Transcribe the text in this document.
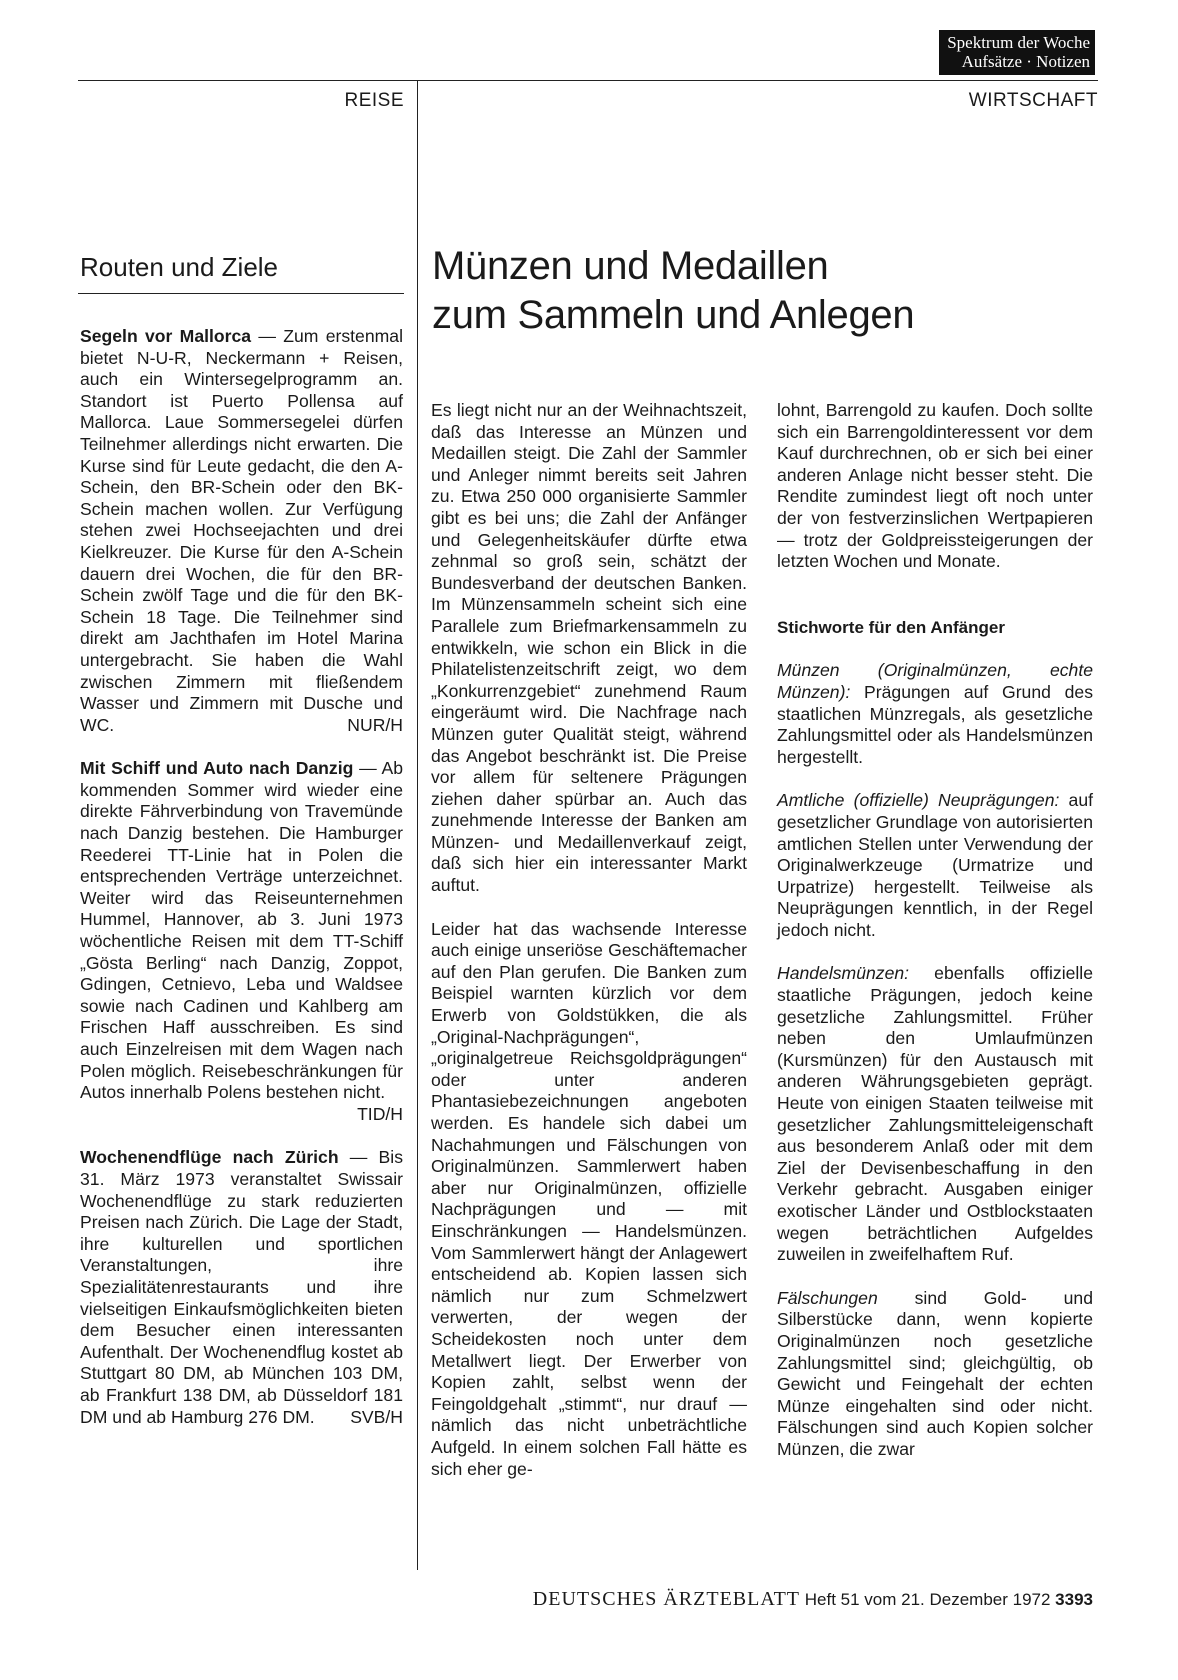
Spektrum der Woche
Aufsätze · Notizen
REISE	WIRTSCHAFT
Routen und Ziele

Segeln vor Mallorca — Zum erstenmal bietet N-U-R, Neckermann + Reisen, auch ein Wintersegelprogramm an. Standort ist Puerto Pollensa auf Mallorca. Laue Sommersegelei dürfen Teilnehmer allerdings nicht erwarten. Die Kurse sind für Leute gedacht, die den A-Schein, den BR-Schein oder den BK-Schein machen wollen. Zur Verfügung stehen zwei Hochseejachten und drei Kielkreuzer. Die Kurse für den A-Schein dauern drei Wochen, die für den BR-Schein zwölf Tage und die für den BK-Schein 18 Tage. Die Teilnehmer sind direkt am Jachthafen im Hotel Marina untergebracht. Sie haben die Wahl zwischen Zimmern mit fließendem Wasser und Zimmern mit Dusche und WC.	NUR/H

Mit Schiff und Auto nach Danzig — Ab kommenden Sommer wird wieder eine direkte Fährverbindung von Travemünde nach Danzig bestehen. Die Hamburger Reederei TT-Linie hat in Polen die entsprechenden Verträge unterzeichnet. Weiter wird das Reiseunternehmen Hummel, Hannover, ab 3. Juni 1973 wöchentliche Reisen mit dem TT-Schiff „Gösta Berling“ nach Danzig, Zoppot, Gdingen, Cetnievo, Leba und Waldsee sowie nach Cadinen und Kahlberg am Frischen Haff ausschreiben. Es sind auch Einzelreisen mit dem Wagen nach Polen möglich. Reisebeschränkungen für Autos innerhalb Polens bestehen nicht.
TID/H

Wochenendflüge nach Zürich — Bis 31. März 1973 veranstaltet Swissair Wochenendflüge zu stark reduzierten Preisen nach Zürich. Die Lage der Stadt, ihre kulturellen und sportlichen Veranstaltungen, ihre Spezialitätenrestaurants und ihre vielseitigen Einkaufsmöglichkeiten bieten dem Besucher einen interessanten Aufenthalt. Der Wochenendflug kostet ab Stuttgart 80 DM, ab München 103 DM, ab Frankfurt 138 DM, ab Düsseldorf 181 DM und ab Hamburg 276 DM. SVB/H

Münzen und Medaillen
zum Sammeln und Anlegen

Es liegt nicht nur an der Weihnachtszeit, daß das Interesse an Münzen und Medaillen steigt. Die Zahl der Sammler und Anleger nimmt bereits seit Jahren zu. Etwa 250 000 organisierte Sammler gibt es bei uns; die Zahl der Anfänger und Gelegenheitskäufer dürfte etwa zehnmal so groß sein, schätzt der Bundesverband der deutschen Banken. Im Münzensammeln scheint sich eine Parallele zum Briefmarkensammeln zu entwikkeln, wie schon ein Blick in die Philatelistenzeitschrift zeigt, wo dem „Konkurrenzgebiet“ zunehmend Raum eingeräumt wird. Die Nachfrage nach Münzen guter Qualität steigt, während das Angebot beschränkt ist. Die Preise vor allem für seltenere Prägungen ziehen daher spürbar an. Auch das zunehmende Interesse der Banken am Münzen- und Medaillenverkauf zeigt, daß sich hier ein interessanter Markt auftut.

Leider hat das wachsende Interesse auch einige unseriöse Geschäftemacher auf den Plan gerufen. Die Banken zum Beispiel warnten kürzlich vor dem Erwerb von Goldstükken, die als „Original-Nachprägungen“, „originalgetreue Reichsgoldprägungen“ oder unter anderen Phantasiebezeichnungen angeboten werden. Es handele sich dabei um Nachahmungen und Fälschungen von Originalmünzen. Sammlerwert haben aber nur Originalmünzen, offizielle Nachprägungen und — mit Einschränkungen — Handelsmünzen. Vom Sammlerwert hängt der Anlagewert entscheidend ab. Kopien lassen sich nämlich nur zum Schmelzwert verwerten, der wegen der Scheidekosten noch unter dem Metallwert liegt. Der Erwerber von Kopien zahlt, selbst wenn der Feingoldgehalt „stimmt“, nur drauf — nämlich das nicht unbeträchtliche Aufgeld. In einem solchen Fall hätte es sich eher ge-

lohnt, Barrengold zu kaufen. Doch sollte sich ein Barrengoldinteressent vor dem Kauf durchrechnen, ob er sich bei einer anderen Anlage nicht besser steht. Die Rendite zumindest liegt oft noch unter der von festverzinslichen Wertpapieren — trotz der Goldpreissteigerungen der letzten Wochen und Monate.

Stichworte für den Anfänger

Münzen (Originalmünzen, echte Münzen): Prägungen auf Grund des staatlichen Münzregals, als gesetzliche Zahlungsmittel oder als Handelsmünzen hergestellt.

Amtliche (offizielle) Neuprägungen: auf gesetzlicher Grundlage von autorisierten amtlichen Stellen unter Verwendung der Originalwerkzeuge (Urmatrize und Urpatrize) hergestellt. Teilweise als Neuprägungen kenntlich, in der Regel jedoch nicht.

Handelsmünzen: ebenfalls offizielle staatliche Prägungen, jedoch keine gesetzliche Zahlungsmittel. Früher neben den Umlaufmünzen (Kursmünzen) für den Austausch mit anderen Währungsgebieten geprägt. Heute von einigen Staaten teilweise mit gesetzlicher Zahlungsmitteleigenschaft aus besonderem Anlaß oder mit dem Ziel der Devisenbeschaffung in den Verkehr gebracht. Ausgaben einiger exotischer Länder und Ostblockstaaten wegen beträchtlichen Aufgeldes zuweilen in zweifelhaftem Ruf.

Fälschungen sind Gold- und Silberstücke dann, wenn kopierte Originalmünzen noch gesetzliche Zahlungsmittel sind; gleichgültig, ob Gewicht und Feingehalt der echten Münze eingehalten sind oder nicht. Fälschungen sind auch Kopien solcher Münzen, die zwar

DEUTSCHES ÄRZTEBLATT Heft 51 vom 21. Dezember 1972 3393
